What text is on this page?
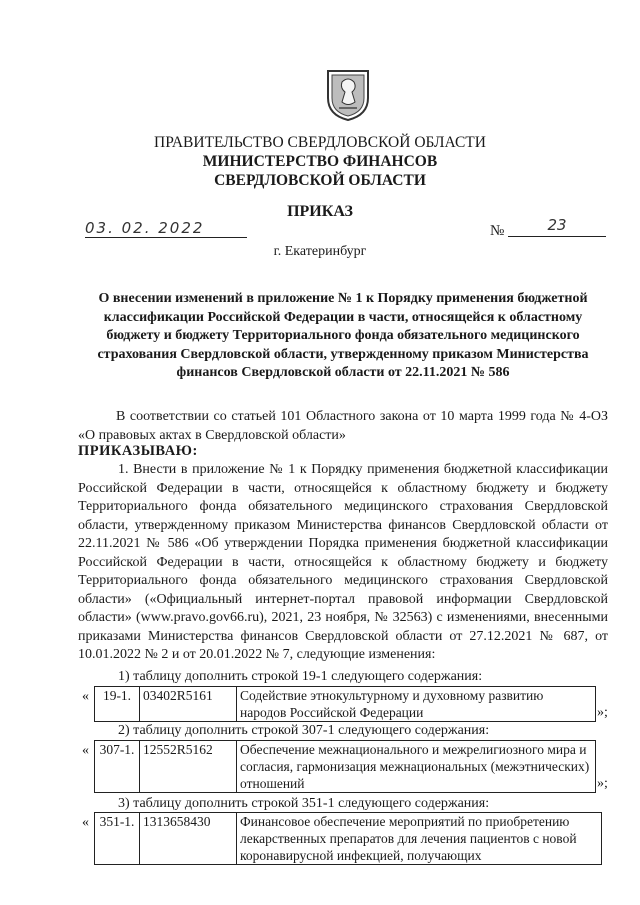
ПРАВИТЕЛЬСТВО СВЕРДЛОВСКОЙ ОБЛАСТИ
МИНИСТЕРСТВО ФИНАНСОВ
СВЕРДЛОВСКОЙ ОБЛАСТИ
ПРИКАЗ
03. 02. 2022	№	23
г. Екатеринбург
О внесении изменений в приложение № 1 к Порядку применения бюджетной классификации Российской Федерации в части, относящейся к областному бюджету и бюджету Территориального фонда обязательного медицинского страхования Свердловской области, утвержденному приказом Министерства финансов Свердловской области от 22.11.2021 № 586
В соответствии со статьей 101 Областного закона от 10 марта 1999 года № 4-ОЗ «О правовых актах в Свердловской области»
ПРИКАЗЫВАЮ:
1. Внести в приложение № 1 к Порядку применения бюджетной классификации Российской Федерации в части, относящейся к областному бюджету и бюджету Территориального фонда обязательного медицинского страхования Свердловской области, утвержденному приказом Министерства финансов Свердловской области от 22.11.2021 № 586 «Об утверждении Порядка применения бюджетной классификации Российской Федерации в части, относящейся к областному бюджету и бюджету Территориального фонда обязательного медицинского страхования Свердловской области» («Официальный интернет-портал правовой информации Свердловской области» (www.pravo.gov66.ru), 2021, 23 ноября, № 32563) с изменениями, внесенными приказами Министерства финансов Свердловской области от 27.12.2021 № 687, от 10.01.2022 № 2 и от 20.01.2022 № 7, следующие изменения:
1) таблицу дополнить строкой 19-1 следующего содержания:
« 19-1.	03402R5161	Содействие этнокультурному и духовному развитию народов Российской Федерации	»;
2) таблицу дополнить строкой 307-1 следующего содержания:
« 307-1.	12552R5162	Обеспечение межнационального и межрелигиозного мира и согласия, гармонизация межнациональных (межэтнических) отношений	»;
3) таблицу дополнить строкой 351-1 следующего содержания:
« 351-1.	1313658430	Финансовое обеспечение мероприятий по приобретению лекарственных препаратов для лечения пациентов с новой коронавирусной инфекцией, получающих
